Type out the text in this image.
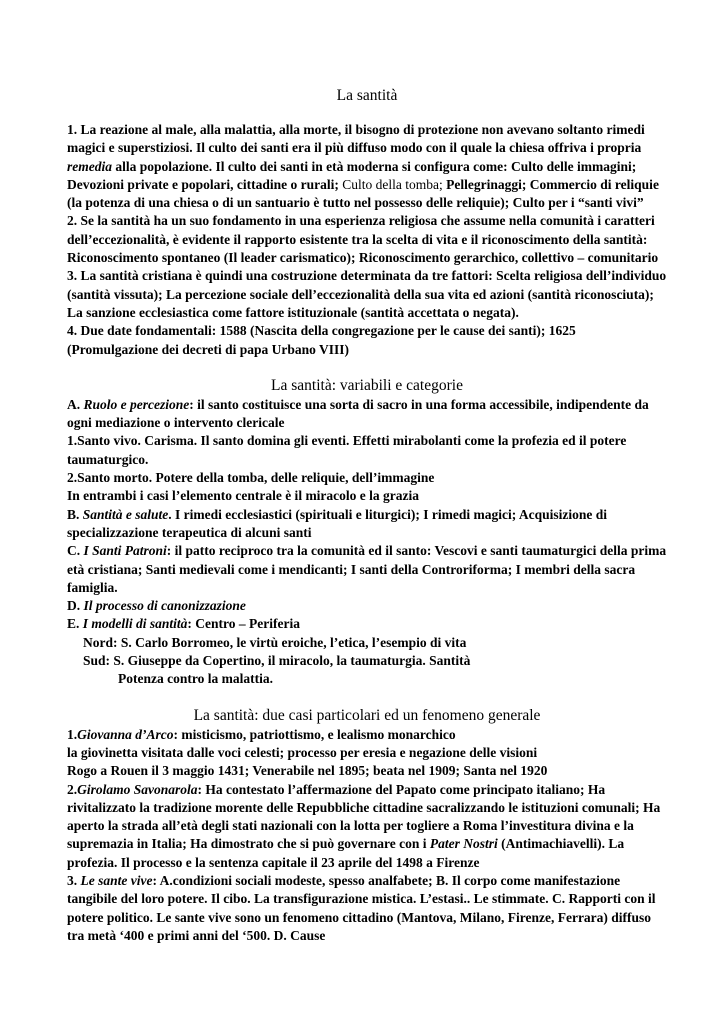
La santità

1. La reazione al male, alla malattia, alla morte, il bisogno di protezione non avevano soltanto rimedi magici e superstiziosi. Il culto dei santi era il più diffuso modo con il quale la chiesa offriva i propria remedia alla popolazione. Il culto dei santi in età moderna si configura come: Culto delle immagini; Devozioni private e popolari, cittadine o rurali; Culto della tomba; Pellegrinaggi; Commercio di reliquie (la potenza di una chiesa o di un santuario è tutto nel possesso delle reliquie); Culto per i “santi vivi”

2. Se la santità ha un suo fondamento in una esperienza religiosa che assume nella comunità i caratteri dell’eccezionalità, è evidente il rapporto esistente tra la scelta di vita e il riconoscimento della santità: Riconoscimento spontaneo (Il leader carismatico); Riconoscimento gerarchico, collettivo – comunitario

3. La santità cristiana è quindi una costruzione determinata da tre fattori: Scelta religiosa dell’individuo (santità vissuta); La percezione sociale dell’eccezionalità della sua vita ed azioni (santità riconosciuta); La sanzione ecclesiastica come fattore istituzionale (santità accettata o negata).

4. Due date fondamentali: 1588 (Nascita della congregazione per le cause dei santi); 1625 (Promulgazione dei decreti di papa Urbano VIII)

La santità: variabili e categorie

A. Ruolo e percezione: il santo costituisce una sorta di sacro in una forma accessibile, indipendente da ogni mediazione o intervento clericale

1.Santo vivo. Carisma. Il santo domina gli eventi. Effetti mirabolanti come la profezia ed il potere taumaturgico.

2.Santo morto. Potere della tomba, delle reliquie, dell’immagine

In entrambi i casi l’elemento centrale è il miracolo e la grazia

B. Santità e salute. I rimedi ecclesiastici (spirituali e liturgici); I rimedi magici; Acquisizione di specializzazione terapeutica di alcuni santi

C. I Santi Patroni: il patto reciproco tra la comunità ed il santo: Vescovi e santi taumaturgici della prima età cristiana; Santi medievali come i mendicanti; I santi della Controriforma; I membri della sacra famiglia.

D. Il processo di canonizzazione

E. I modelli di santità: Centro – Periferia

Nord: S. Carlo Borromeo, le virtù eroiche, l’etica, l’esempio di vita

Sud: S. Giuseppe da Copertino, il miracolo, la taumaturgia. Santità

Potenza contro la malattia.

La santità: due casi particolari ed un fenomeno generale

1.Giovanna d’Arco: misticismo, patriottismo, e lealismo monarchico

la giovinetta visitata dalle voci celesti; processo per eresia e negazione delle visioni

Rogo a Rouen il 3 maggio 1431; Venerabile nel 1895; beata nel 1909; Santa nel 1920

2.Girolamo Savonarola: Ha contestato l’affermazione del Papato come principato italiano; Ha rivitalizzato la tradizione morente delle Repubbliche cittadine sacralizzando le istituzioni comunali; Ha aperto la strada all’età degli stati nazionali con la lotta per togliere a Roma l’investitura divina e la supremazia in Italia; Ha dimostrato che si può governare con i Pater Nostri (Antimachiavelli). La profezia. Il processo e la sentenza capitale il 23 aprile del 1498 a Firenze

3. Le sante vive: A.condizioni sociali modeste, spesso analfabete; B. Il corpo come manifestazione tangibile del loro potere. Il cibo. La transfigurazione mistica. L’estasi.. Le stimmate. C. Rapporti con il potere politico. Le sante vive sono un fenomeno cittadino (Mantova, Milano, Firenze, Ferrara) diffuso tra metà ‘400 e primi anni del ‘500. D. Cause
